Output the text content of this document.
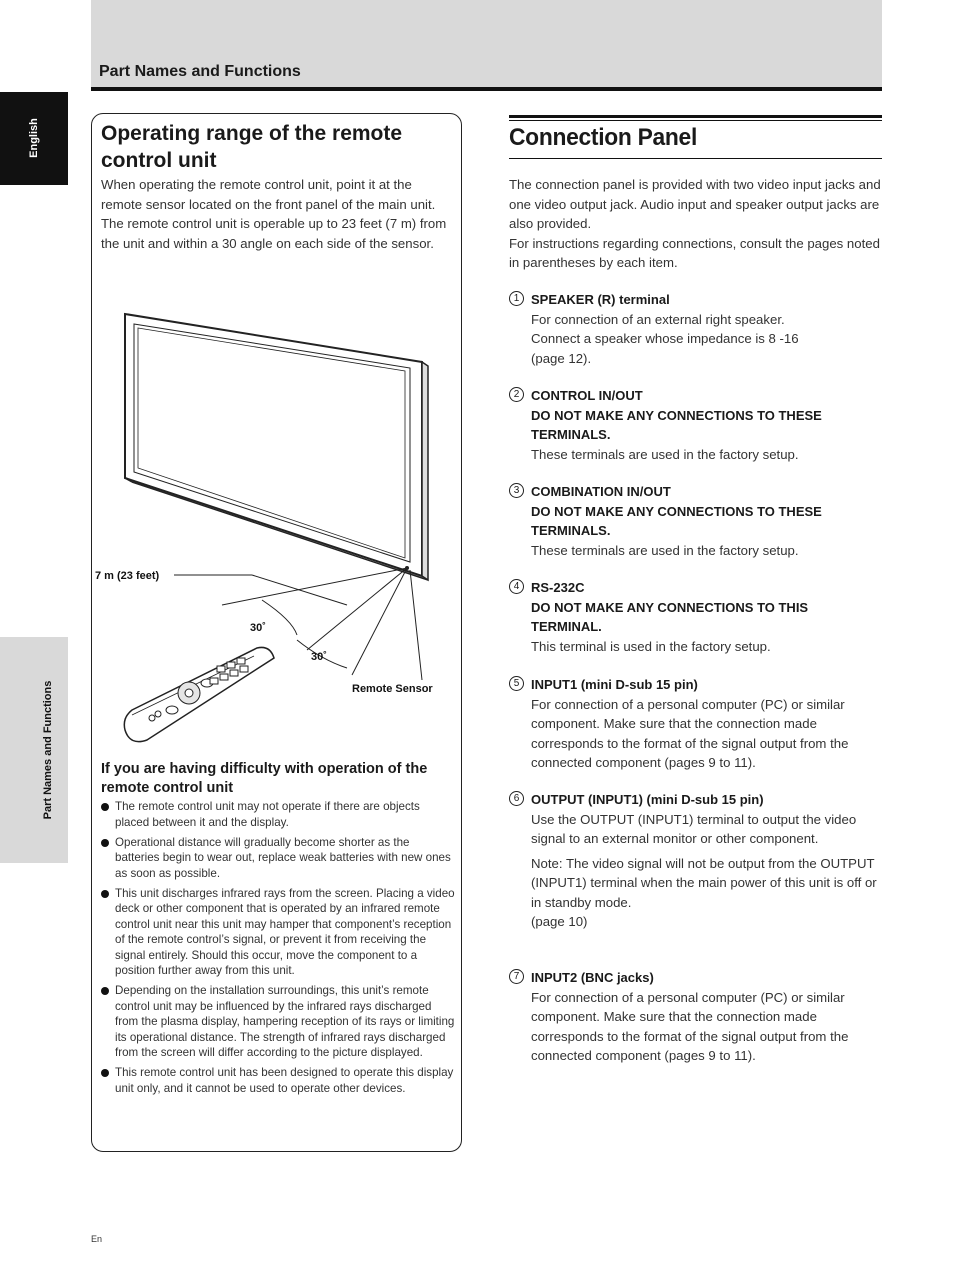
Part Names and Functions
English
Part Names and Functions
Operating range of the remote control unit
When operating the remote control unit, point it at the remote sensor located on the front panel of the main unit. The remote control unit is operable up to 23 feet (7 m) from the unit and within a 30 angle on each side of the sensor.
7 m (23 feet)
30˚
30˚
Remote Sensor
If you are having difficulty with operation of the remote control unit
The remote control unit may not operate if there are objects placed between it and the display.
Operational distance will gradually become shorter as the batteries begin to wear out, replace weak batteries with new ones as soon as possible.
This unit discharges infrared rays from the screen. Placing a video deck or other component that is operated by an infrared remote control unit near this unit may hamper that component’s reception of the remote control’s signal, or prevent it from receiving the signal entirely. Should this occur, move the component to a position further away from this unit.
Depending on the installation surroundings, this unit’s remote control unit may be influenced by the infrared rays discharged from the plasma display, hampering reception of its rays or limiting its operational distance. The strength of infrared rays discharged from the screen will differ according to the picture displayed.
This remote control unit has been designed to operate this display unit only, and it cannot be used to operate other devices.
Connection Panel
The connection panel is provided with two video input jacks and one video output jack. Audio input and speaker output jacks are also provided.
For instructions regarding connections, consult the pages noted in parentheses by each item.
1 SPEAKER (R) terminal
For connection of an external right speaker. Connect a speaker whose impedance is 8 -16 (page 12).
2 CONTROL IN/OUT
DO NOT MAKE ANY CONNECTIONS TO THESE TERMINALS.
These terminals are used in the factory setup.
3 COMBINATION IN/OUT
DO NOT MAKE ANY CONNECTIONS TO THESE TERMINALS.
These terminals are used in the factory setup.
4 RS-232C
DO NOT MAKE ANY CONNECTIONS TO THIS TERMINAL.
This terminal is used in the factory setup.
5 INPUT1 (mini D-sub 15 pin)
For connection of a personal computer (PC) or similar component. Make sure that the connection made corresponds to the format of the signal output from the connected component (pages 9 to 11).
6 OUTPUT (INPUT1) (mini D-sub 15 pin)
Use the OUTPUT (INPUT1) terminal to output the video signal to an external monitor or other component.
Note: The video signal will not be output from the OUTPUT (INPUT1) terminal when the main power of this unit is off or in standby mode.
(page 10)
7 INPUT2 (BNC jacks)
For connection of a personal computer (PC) or similar component. Make sure that the connection made corresponds to the format of the signal output from the connected component (pages 9 to 11).
En
